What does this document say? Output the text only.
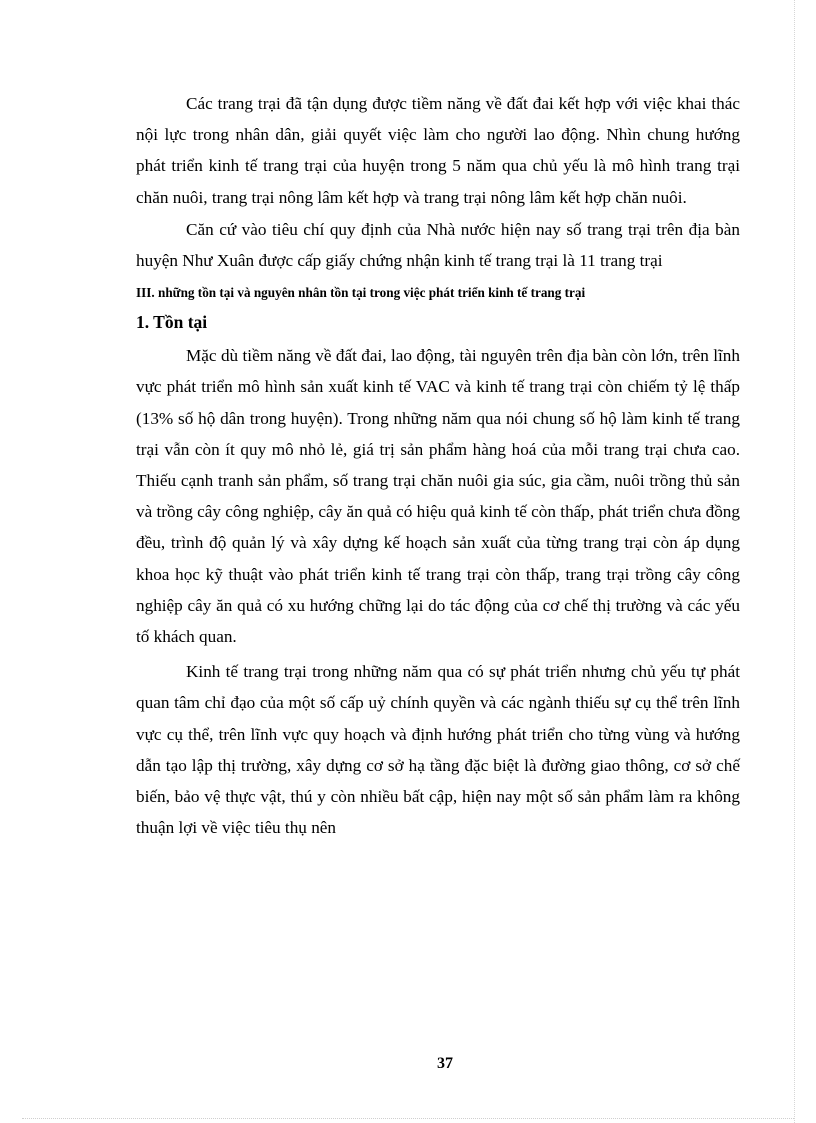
Các trang trại đã tận dụng được tiềm năng về đất đai kết hợp với việc khai thác nội lực trong nhân dân, giải quyết việc làm cho người lao động. Nhìn chung hướng phát triển kinh tế trang trại của huyện trong 5 năm qua chủ yếu là mô hình trang trại chăn nuôi, trang trại nông lâm kết hợp và trang trại nông lâm kết hợp chăn nuôi.

Căn cứ vào tiêu chí quy định của Nhà nước hiện nay số trang trại trên địa bàn huyện Như Xuân được cấp giấy chứng nhận kinh tế trang trại là 11 trang trại

III. những tồn tại và nguyên nhân tồn tại trong việc phát triển kinh tế trang trại
1. Tồn tại

Mặc dù tiềm năng về đất đai, lao động, tài nguyên trên địa bàn còn lớn, trên lĩnh vực phát triển mô hình sản xuất kinh tế VAC và kinh tế trang trại còn chiếm tỷ lệ thấp (13% số hộ dân trong huyện). Trong những năm qua nói chung số hộ làm kinh tế trang trại vẫn còn ít quy mô nhỏ lẻ, giá trị sản phẩm hàng hoá của mỗi trang trại chưa cao. Thiếu cạnh tranh sản phẩm, số trang trại chăn nuôi gia súc, gia cầm, nuôi trồng thủ sản và trồng cây công nghiệp, cây ăn quả có hiệu quả kinh tế còn thấp, phát triển chưa đồng đều, trình độ quản lý và xây dựng kế hoạch sản xuất của từng trang trại còn áp dụng khoa học kỹ thuật vào phát triển kinh tế trang trại còn thấp, trang trại trồng cây công nghiệp cây ăn quả có xu hướng chững lại do tác động của cơ chế thị trường và các yếu tố khách quan.

Kinh tế trang trại trong những năm qua có sự phát triển nhưng chủ yếu tự phát quan tâm chỉ đạo của một số cấp uỷ chính quyền và các ngành thiếu sự cụ thể trên lĩnh vực cụ thể, trên lĩnh vực quy hoạch và định hướng phát triển cho từng vùng và hướng dẫn tạo lập thị trường, xây dựng cơ sở hạ tầng đặc biệt là đường giao thông, cơ sở chế biến, bảo vệ thực vật, thú y còn nhiều bất cập, hiện nay một số sản phẩm làm ra không thuận lợi về việc tiêu thụ nên

37
